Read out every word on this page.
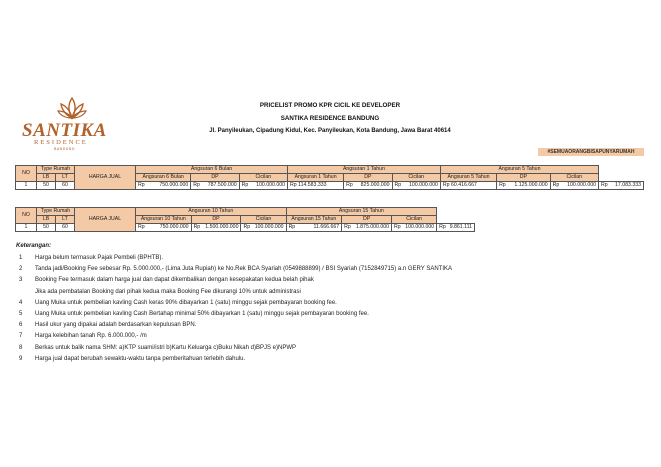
SANTIKA
RESIDENCE
BANDUNG
PRICELIST PROMO KPR CICIL KE DEVELOPER
SANTIKA RESIDENCE BANDUNG
Jl. Panyileukan, Cipadung Kidul, Kec. Panyileukan, Kota Bandung, Jawa Barat 40614
#SEMUAORANGBISAPUNYARUMAH
NO	Type Rumah		HARGA JUAL	Angsuran 6 Bulan			Angsuran 1 Tahun			Angsuran 5 Tahun			
	LB	LT		Angsuran 6 Bulan	DP	Cicilan	Angsuran 1 Tahun	DP	Cicilan	Angsuran 5 Tahun	DP	Cicilan	
1	50	60		Rp 750.000.000	Rp 787.500.000	Rp 100.000.000	Rp 114.583.333	Rp 825.000.000	Rp 100.000.000	Rp 60.416.667	Rp 1.125.000.000	Rp 100.000.000	Rp 17.083.333
NO	Type Rumah		HARGA JUAL	Angsuran 10 Tahun			Angsuran 15 Tahun			
	LB	LT		Angsuran 10 Tahun	DP	Cicilan	Angsuran 15 Tahun	DP	Cicilan	
1	50	60		Rp 750.000.000	Rp 1.500.000.000	Rp 100.000.000	Rp 11.666.667	Rp 1.875.000.000	Rp 100.000.000	Rp 9.861.111
Keterangan:
1 Harga belum termasuk Pajak Pembeli (BPHTB).
2 Tanda jadi/Booking Fee sebesar Rp. 5.000.000,- (Lima Juta Rupiah) ke No.Rek BCA Syariah (0549888899) / BSI Syariah (7152849715) a.n GERY SANTIKA
3 Booking Fee termasuk dalam harga jual dan dapat dikembalikan dengan kesepakatan kedua belah pihak
Jika ada pembatalan Booking dari pihak kedua maka Booking Fee dikurangi 10% untuk administrasi
4 Uang Muka untuk pembelian kavling Cash keras 90% dibayarkan 1 (satu) minggu sejak pembayaran booking fee.
5 Uang Muka untuk pembelian kavling Cash Bertahap minimal 50% dibayarkan 1 (satu) minggu sejak pembayaran booking fee.
6 Hasil ukur yang dipakai adalah berdasarkan kepulusan BPN.
7 Harga kelebihan tanah Rp. 6.000.000,- /m
8 Berkas untuk balik nama SHM: a)KTP suami/istri b)Kartu Keluarga c)Buku Nikah d)BPJS e)NPWP
9 Harga jual dapat berubah sewaktu-waktu tanpa pemberitahuan terlebih dahulu.
